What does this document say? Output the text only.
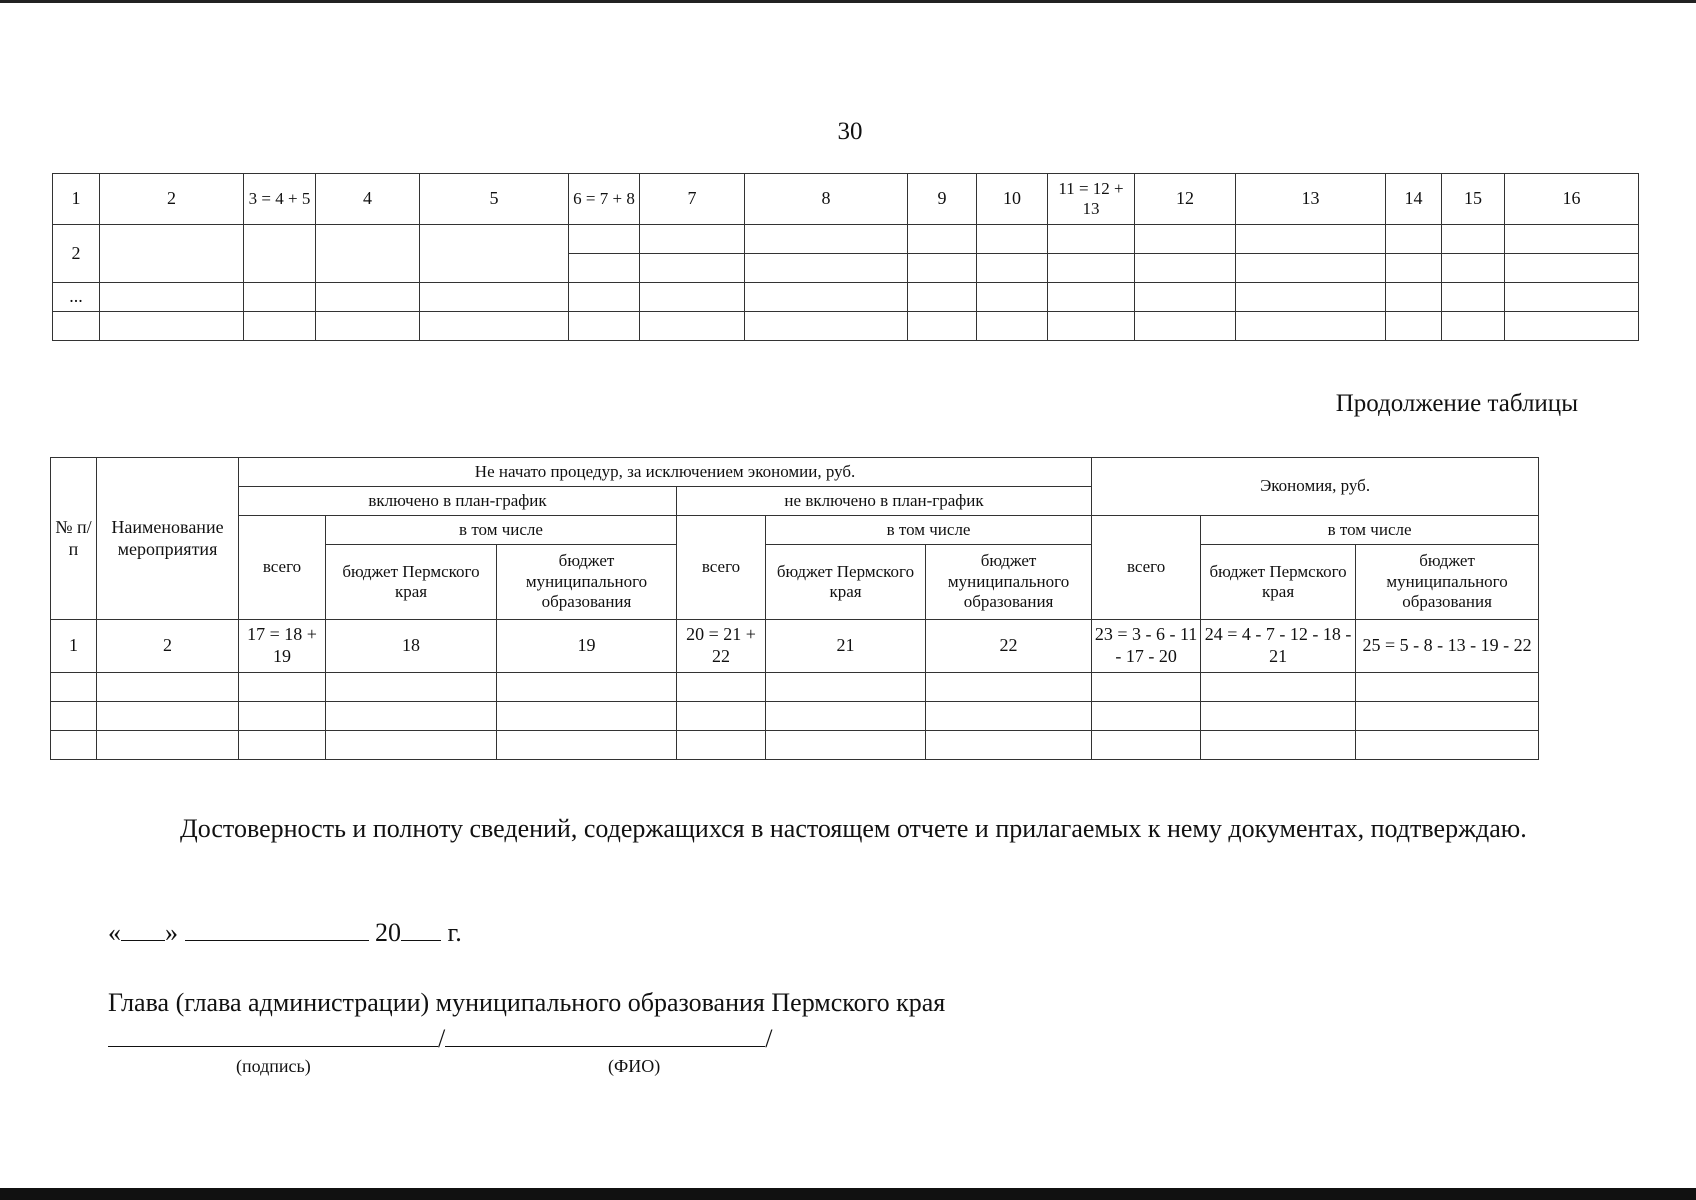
30
1	2	3 = 4 + 5	4	5	6 = 7 + 8	7	8	9	10	11 = 12 + 13	12	13	14	15	16
2															

...															

Продолжение таблицы
№ п/п	Наименование мероприятия	Не начато процедур, за исключением экономии, руб.						Экономия, руб.		
		включено в план-график			не включено в план-график					
		всего	в том числе		всего	в том числе		всего	в том числе	
			бюджет Пермского края	бюджет муниципального образования		бюджет Пермского края	бюджет муниципального образования		бюджет Пермского края	бюджет муниципального образования
1	2	17 = 18 + 19	18	19	20 = 21 + 22	21	22	23 = 3 - 6 - 11 - 17 - 20	24 = 4 - 7 - 12 - 18 - 21	25 = 5 - 8 - 13 - 19 - 22

Достоверность и полноту сведений, содержащихся в настоящем отчете и прилагаемых к нему документах, подтверждаю.
« »	20 г.
Глава (глава администрации) муниципального образования Пермского края
/	/
(подпись)	(ФИО)
